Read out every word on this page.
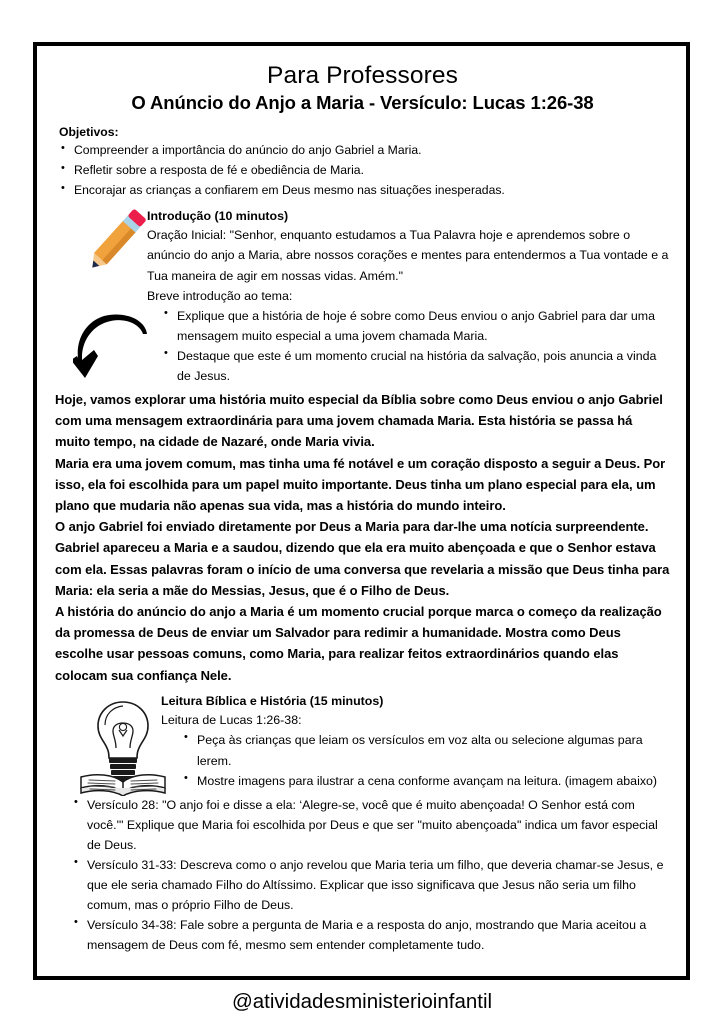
Para Professores
O Anúncio do Anjo a Maria - Versículo: Lucas 1:26-38
Objetivos:
• Compreender a importância do anúncio do anjo Gabriel a Maria.
• Refletir sobre a resposta de fé e obediência de Maria.
• Encorajar as crianças a confiarem em Deus mesmo nas situações inesperadas.
Introdução (10 minutos)
Oração Inicial: "Senhor, enquanto estudamos a Tua Palavra hoje e aprendemos sobre o anúncio do anjo a Maria, abre nossos corações e mentes para entendermos a Tua vontade e a Tua maneira de agir em nossas vidas. Amém."
Breve introdução ao tema:
• Explique que a história de hoje é sobre como Deus enviou o anjo Gabriel para dar uma mensagem muito especial a uma jovem chamada Maria.
• Destaque que este é um momento crucial na história da salvação, pois anuncia a vinda de Jesus.

Hoje, vamos explorar uma história muito especial da Bíblia sobre como Deus enviou o anjo Gabriel com uma mensagem extraordinária para uma jovem chamada Maria. Esta história se passa há muito tempo, na cidade de Nazaré, onde Maria vivia.

Maria era uma jovem comum, mas tinha uma fé notável e um coração disposto a seguir a Deus. Por isso, ela foi escolhida para um papel muito importante. Deus tinha um plano especial para ela, um plano que mudaria não apenas sua vida, mas a história do mundo inteiro.

O anjo Gabriel foi enviado diretamente por Deus a Maria para dar-lhe uma notícia surpreendente. Gabriel apareceu a Maria e a saudou, dizendo que ela era muito abençoada e que o Senhor estava com ela. Essas palavras foram o início de uma conversa que revelaria a missão que Deus tinha para Maria: ela seria a mãe do Messias, Jesus, que é o Filho de Deus.

A história do anúncio do anjo a Maria é um momento crucial porque marca o começo da realização da promessa de Deus de enviar um Salvador para redimir a humanidade. Mostra como Deus escolhe usar pessoas comuns, como Maria, para realizar feitos extraordinários quando elas colocam sua confiança Nele.

Leitura Bíblica e História (15 minutos)
Leitura de Lucas 1:26-38:
• Peça às crianças que leiam os versículos em voz alta ou selecione algumas para lerem.
• Mostre imagens para ilustrar a cena conforme avançam na leitura. (imagem abaixo)
• Versículo 28: "O anjo foi e disse a ela: ‘Alegre-se, você que é muito abençoada! O Senhor está com você.'" Explique que Maria foi escolhida por Deus e que ser "muito abençoada" indica um favor especial de Deus.
• Versículo 31-33: Descreva como o anjo revelou que Maria teria um filho, que deveria chamar-se Jesus, e que ele seria chamado Filho do Altíssimo. Explicar que isso significava que Jesus não seria um filho comum, mas o próprio Filho de Deus.
• Versículo 34-38: Fale sobre a pergunta de Maria e a resposta do anjo, mostrando que Maria aceitou a mensagem de Deus com fé, mesmo sem entender completamente tudo.
@atividadesministerioinfantil
